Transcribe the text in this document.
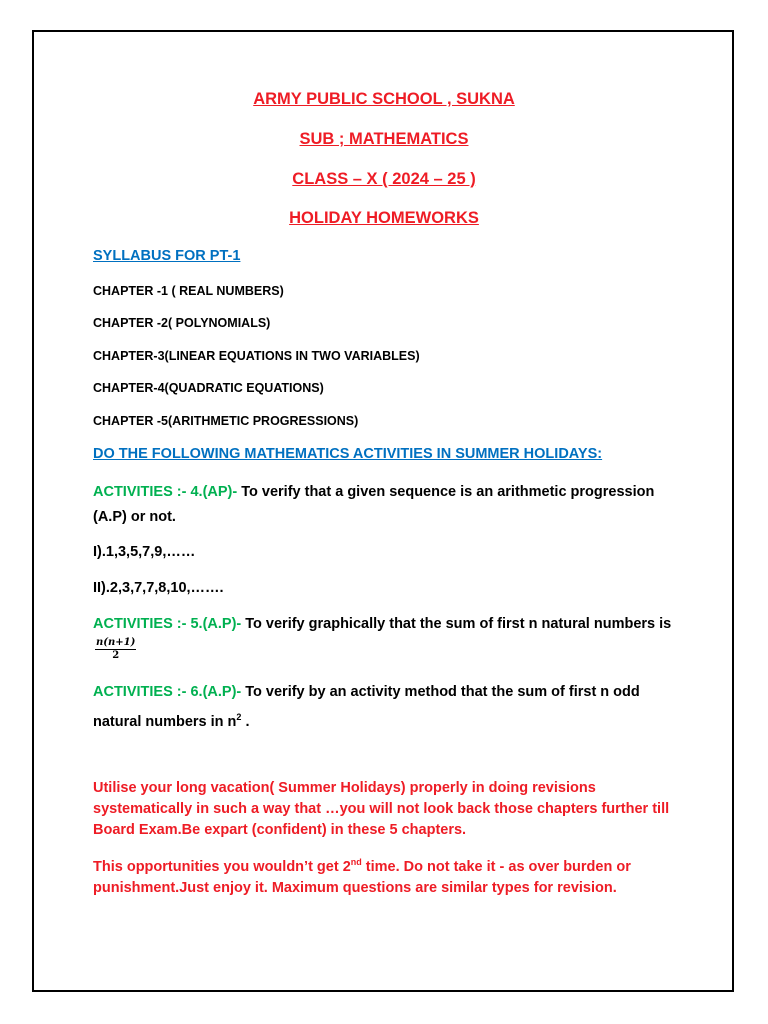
ARMY PUBLIC SCHOOL , SUKNA
SUB ; MATHEMATICS
CLASS – X ( 2024 – 25 )
HOLIDAY HOMEWORKS
SYLLABUS FOR PT-1
CHAPTER -1 ( REAL NUMBERS)
CHAPTER -2( POLYNOMIALS)
CHAPTER-3(LINEAR EQUATIONS IN TWO VARIABLES)
CHAPTER-4(QUADRATIC EQUATIONS)
CHAPTER -5(ARITHMETIC PROGRESSIONS)
DO THE FOLLOWING MATHEMATICS ACTIVITIES IN SUMMER HOLIDAYS:
ACTIVITIES :- 4.(AP)- To verify that a given sequence is an arithmetic progression (A.P) or not.
I).1,3,5,7,9,……
II).2,3,7,7,8,10,…….
ACTIVITIES :- 5.(A.P)- To verify graphically that the sum of first n natural numbers is
$\frac{n(n+1)}{2}$
ACTIVITIES :- 6.(A.P)- To verify by an activity method that the sum of first n odd natural numbers in $n^2$ .
Utilise your long vacation( Summer Holidays) properly in doing revisions systematically in such a way that …you will not look back those chapters further till Board Exam.Be expart (confident) in these 5 chapters.
This opportunities you wouldn’t get 2nd time. Do not take it - as over burden or punishment.Just enjoy it. Maximum questions are similar types for revision.
